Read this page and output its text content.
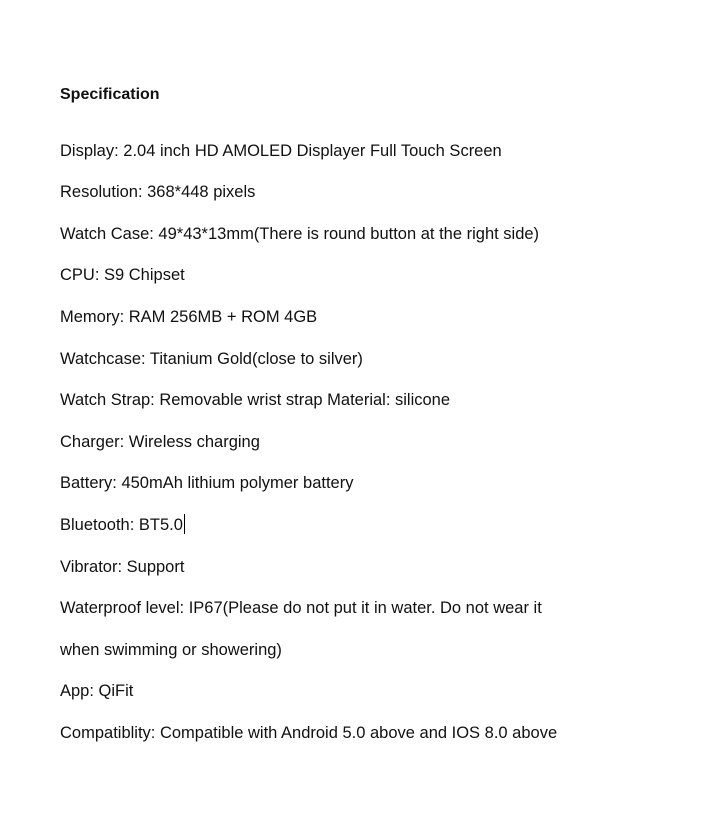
Specification
Display: 2.04 inch HD AMOLED Displayer Full Touch Screen
Resolution: 368*448 pixels
Watch Case: 49*43*13mm(There is round button at the right side)
CPU: S9 Chipset
Memory: RAM 256MB + ROM 4GB
Watchcase: Titanium Gold(close to silver)
Watch Strap: Removable wrist strap Material: silicone
Charger: Wireless charging
Battery: 450mAh lithium polymer battery
Bluetooth: BT5.0
Vibrator: Support
Waterproof level: IP67(Please do not put it in water. Do not wear it
when swimming or showering)
App: QiFit
Compatiblity: Compatible with Android 5.0 above and IOS 8.0 above
